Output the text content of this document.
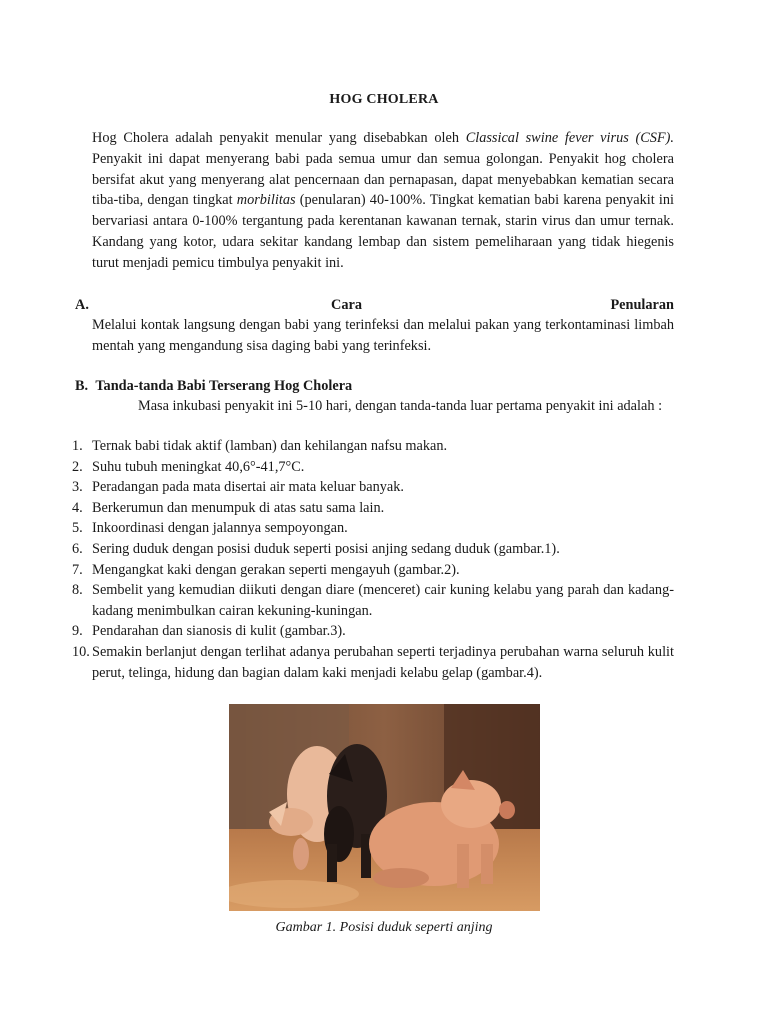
HOG CHOLERA
Hog Cholera adalah penyakit menular yang disebabkan oleh Classical swine fever virus (CSF). Penyakit ini dapat menyerang babi pada semua umur dan semua golongan. Penyakit hog cholera bersifat akut yang menyerang alat pencernaan dan pernapasan, dapat menyebabkan kematian secara tiba-tiba, dengan tingkat morbilitas (penularan) 40-100%. Tingkat kematian babi karena penyakit ini bervariasi antara 0-100% tergantung pada kerentanan kawanan ternak, starin virus dan umur ternak. Kandang yang kotor, udara sekitar kandang lembap dan sistem pemeliharaan yang tidak hiegenis turut menjadi pemicu timbulya penyakit ini.
A.	Cara	Penularan
Melalui kontak langsung dengan babi yang terinfeksi dan melalui pakan yang terkontaminasi limbah mentah yang mengandung sisa daging babi yang terinfeksi.
B. Tanda-tanda Babi Terserang Hog Cholera
Masa inkubasi penyakit ini 5-10 hari, dengan tanda-tanda luar pertama penyakit ini adalah :
1. Ternak babi tidak aktif (lamban) dan kehilangan nafsu makan.
2. Suhu tubuh meningkat 40,6°-41,7°C.
3. Peradangan pada mata disertai air mata keluar banyak.
4. Berkerumun dan menumpuk di atas satu sama lain.
5. Inkoordinasi dengan jalannya sempoyongan.
6. Sering duduk dengan posisi duduk seperti posisi anjing sedang duduk (gambar.1).
7. Mengangkat kaki dengan gerakan seperti mengayuh (gambar.2).
8. Sembelit yang kemudian diikuti dengan diare (menceret) cair kuning kelabu yang parah dan kadang-kadang menimbulkan cairan kekuning-kuningan.
9. Pendarahan dan sianosis di kulit (gambar.3).
10. Semakin berlanjut dengan terlihat adanya perubahan seperti terjadinya perubahan warna seluruh kulit perut, telinga, hidung dan bagian dalam kaki menjadi kelabu gelap (gambar.4).
Gambar 1. Posisi duduk seperti anjing
